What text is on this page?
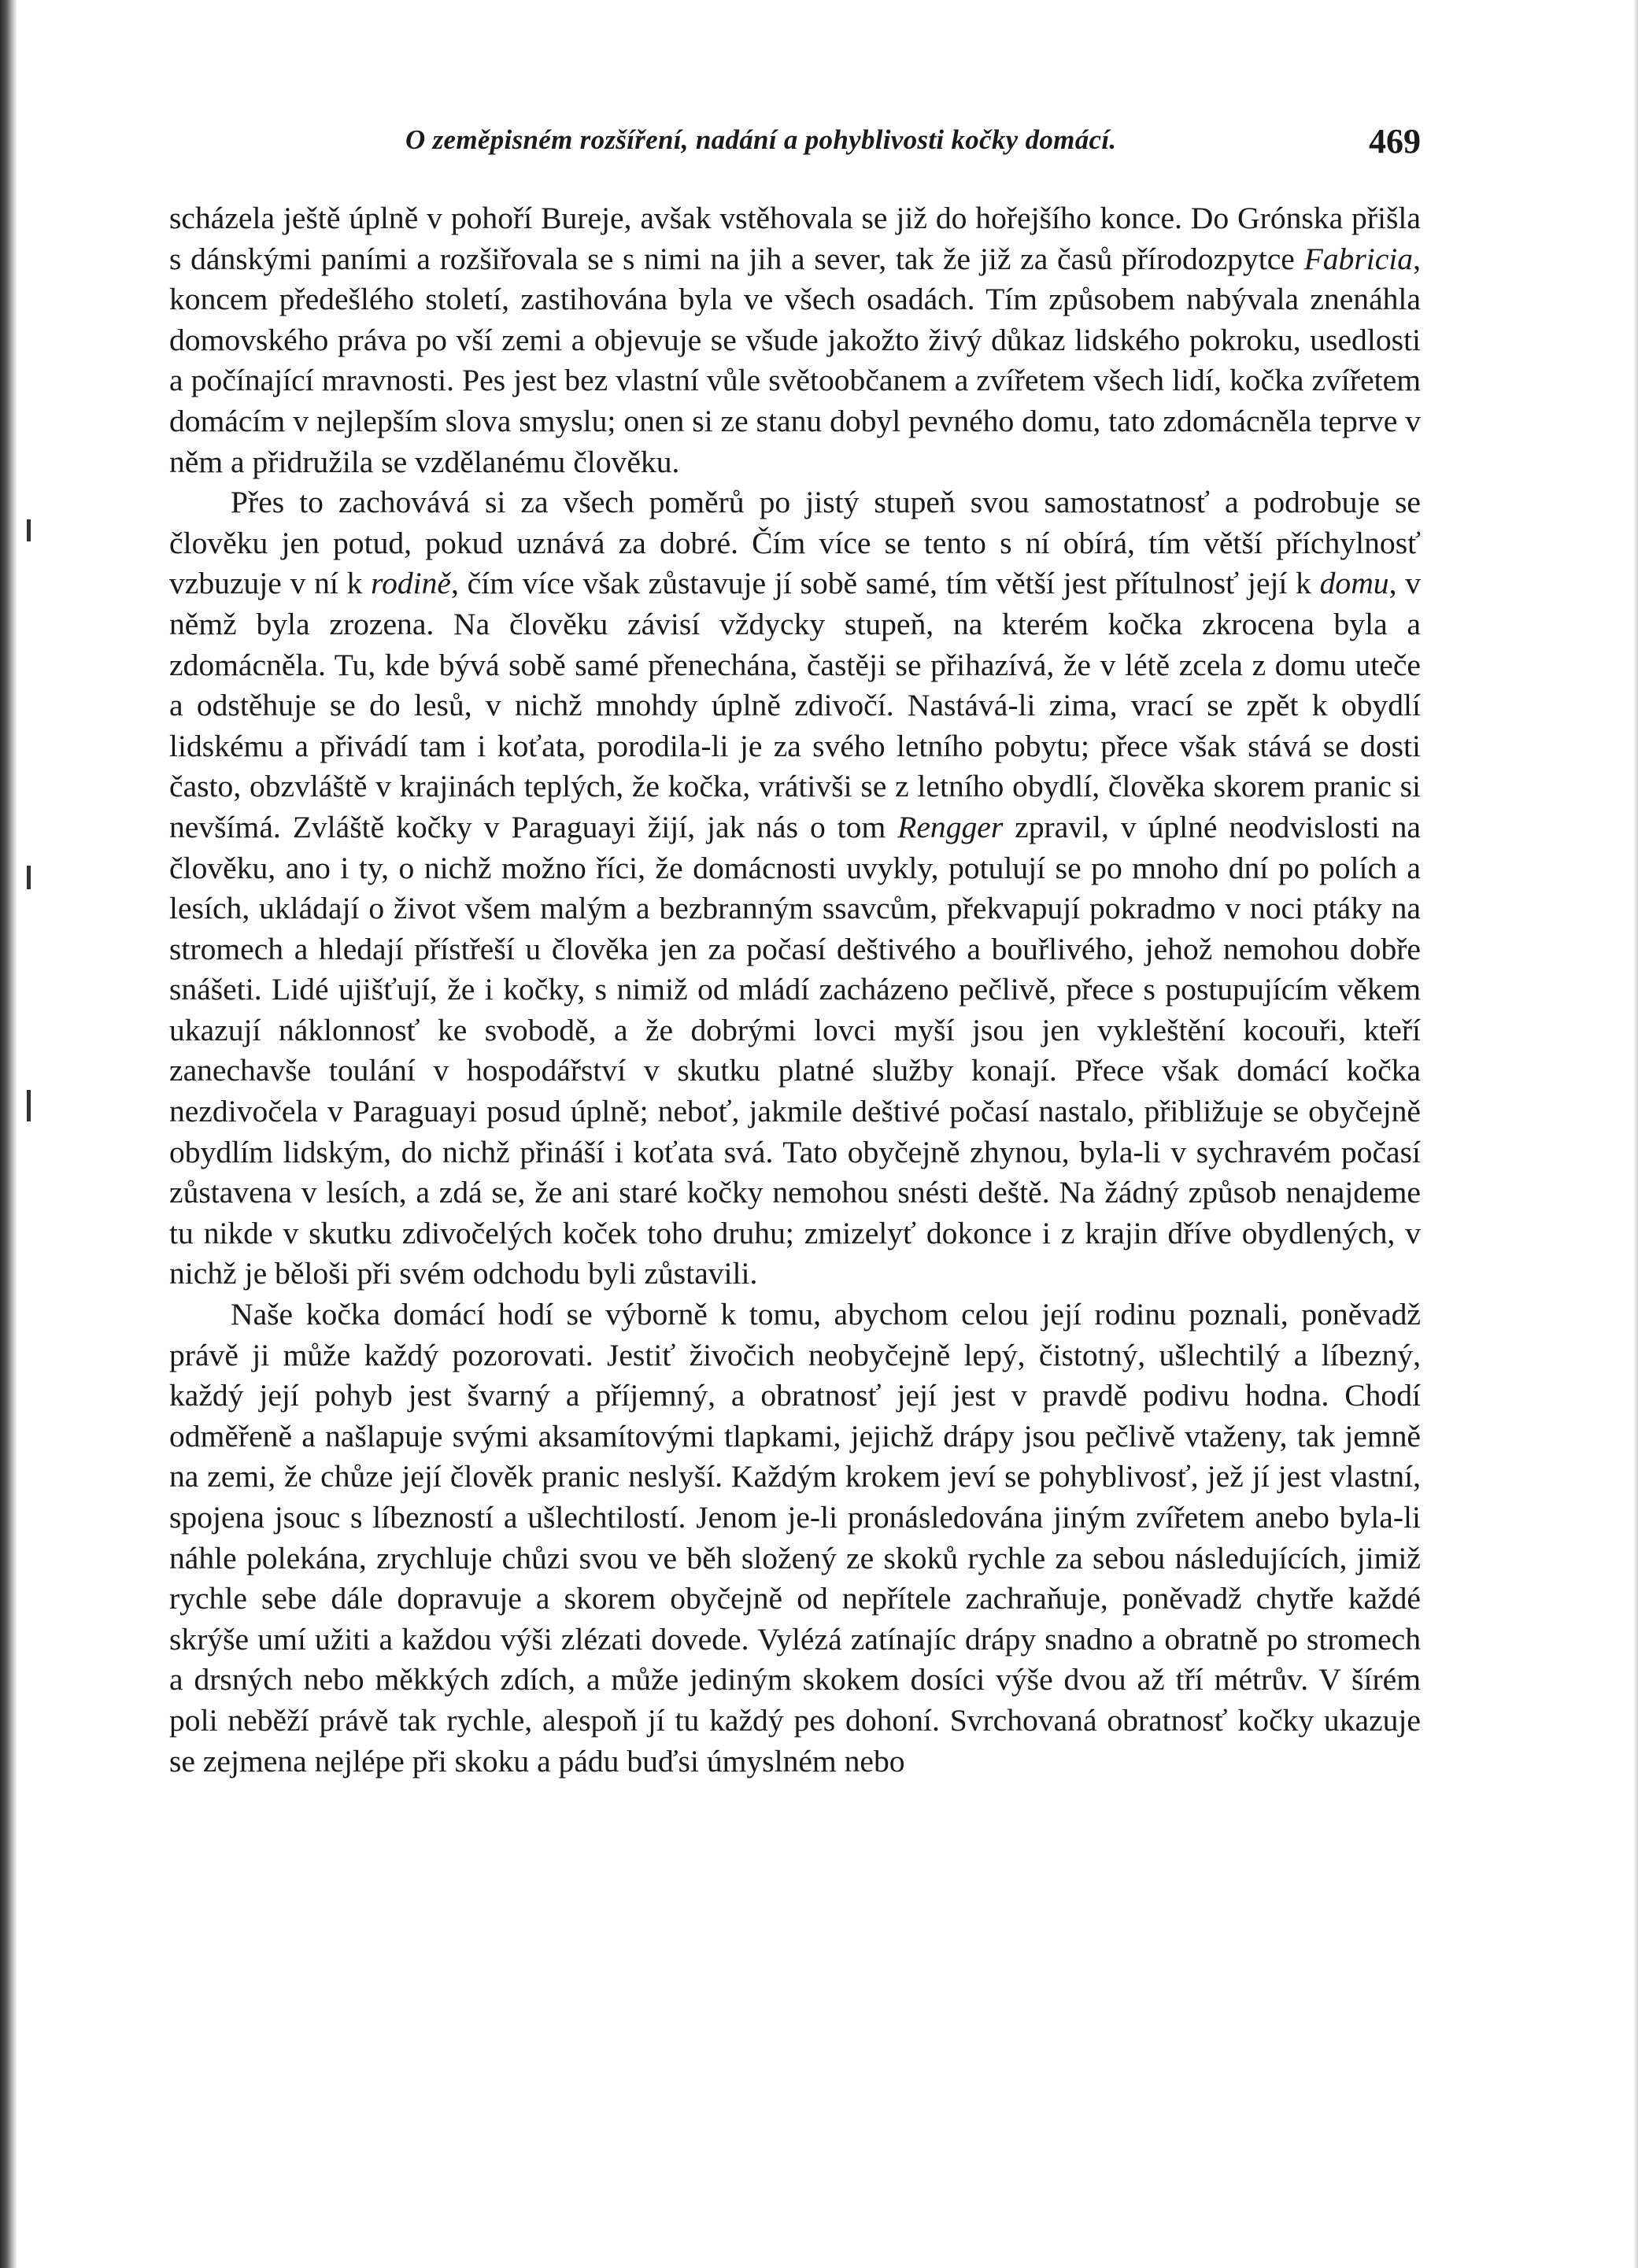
O zeměpisném rozšíření, nadání a pohyblivosti kočky domácí.	469

scházela ještě úplně v pohoří Bureje, avšak vstěhovala se již do hořejšího konce. Do Grónska přišla s dánskými paními a rozšiřovala se s nimi na jih a sever, tak že již za časů přírodozpytce Fabricia, koncem předešlého století, zastihována byla ve všech osadách. Tím způsobem nabývala znenáhla domovského práva po vší zemi a objevuje se všude jakožto živý důkaz lidského pokroku, usedlosti a počínající mravnosti. Pes jest bez vlastní vůle světoobčanem a zvířetem všech lidí, kočka zvířetem domácím v nejlepším slova smyslu; onen si ze stanu dobyl pevného domu, tato zdomácněla teprve v něm a přidružila se vzdělanému člověku.

Přes to zachovává si za všech poměrů po jistý stupeň svou samostatnosť a podrobuje se člověku jen potud, pokud uznává za dobré. Čím více se tento s ní obírá, tím větší příchylnosť vzbuzuje v ní k rodině, čím více však zůstavuje jí sobě samé, tím větší jest přítulnosť její k domu, v němž byla zrozena. Na člověku závisí vždycky stupeň, na kterém kočka zkrocena byla a zdomácněla. Tu, kde bývá sobě samé přenechána, častěji se přihazívá, že v létě zcela z domu uteče a odstěhuje se do lesů, v nichž mnohdy úplně zdivočí. Nastává-li zima, vrací se zpět k obydlí lidskému a přivádí tam i koťata, porodila-li je za svého letního pobytu; přece však stává se dosti často, obzvláště v krajinách teplých, že kočka, vrátivši se z letního obydlí, člověka skorem pranic si nevšímá. Zvláště kočky v Paraguayi žijí, jak nás o tom Rengger zpravil, v úplné neodvislosti na člověku, ano i ty, o nichž možno říci, že domácnosti uvykly, potulují se po mnoho dní po polích a lesích, ukládají o život všem malým a bezbranným ssavcům, překvapují pokradmo v noci ptáky na stromech a hledají přístřeší u člověka jen za počasí deštivého a bouřlivého, jehož nemohou dobře snášeti. Lidé ujišťují, že i kočky, s nimiž od mládí zacházeno pečlivě, přece s postupujícím věkem ukazují náklonnosť ke svobodě, a že dobrými lovci myší jsou jen vykleštění kocouři, kteří zanechavše toulání v hospodářství v skutku platné služby konají. Přece však domácí kočka nezdivočela v Paraguayi posud úplně; neboť, jakmile deštivé počasí nastalo, přibližuje se obyčejně obydlím lidským, do nichž přináší i koťata svá. Tato obyčejně zhynou, byla-li v sychravém počasí zůstavena v lesích, a zdá se, že ani staré kočky nemohou snésti deště. Na žádný způsob nenajdeme tu nikde v skutku zdivočelých koček toho druhu; zmizelyť dokonce i z krajin dříve obydlených, v nichž je běloši při svém odchodu byli zůstavili.

Naše kočka domácí hodí se výborně k tomu, abychom celou její rodinu poznali, poněvadž právě ji může každý pozorovati. Jestiť živočich neobyčejně lepý, čistotný, ušlechtilý a líbezný, každý její pohyb jest švarný a příjemný, a obratnosť její jest v pravdě podivu hodna. Chodí odměřeně a našlapuje svými aksamítovými tlapkami, jejichž drápy jsou pečlivě vtaženy, tak jemně na zemi, že chůze její člověk pranic neslyší. Každým krokem jeví se pohyblivosť, jež jí jest vlastní, spojena jsouc s líbezností a ušlechtilostí. Jenom je-li pronásledována jiným zvířetem anebo byla-li náhle polekána, zrychluje chůzi svou ve běh složený ze skoků rychle za sebou následujících, jimiž rychle sebe dále dopravuje a skorem obyčejně od nepřítele zachraňuje, poněvadž chytře každé skrýše umí užiti a každou výši zlézati dovede. Vylézá zatínajíc drápy snadno a obratně po stromech a drsných nebo měkkých zdích, a může jediným skokem dosíci výše dvou až tří métrův. V šírém poli neběží právě tak rychle, alespoň jí tu každý pes dohoní. Svrchovaná obratnosť kočky ukazuje se zejmena nejlépe při skoku a pádu buďsi úmyslném nebo
